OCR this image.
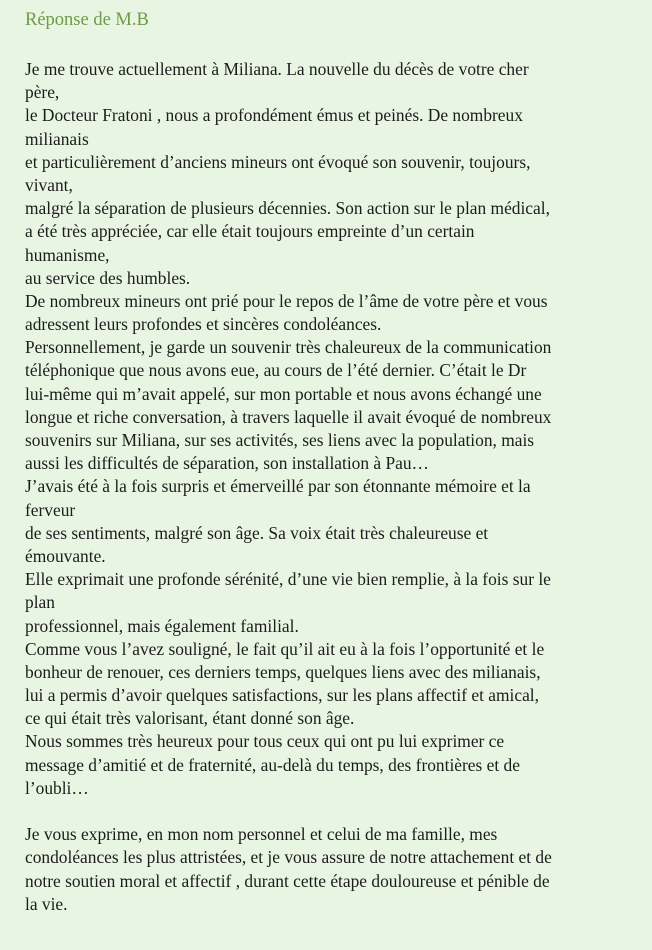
Réponse de M.B
Je me trouve actuellement à Miliana. La nouvelle du décès de votre cher
père,
le Docteur Fratoni , nous a profondément émus et peinés. De nombreux
milianais
et particulièrement d’anciens mineurs ont évoqué son souvenir, toujours,
vivant,
malgré la séparation de plusieurs décennies. Son action sur le plan médical,
a été très appréciée, car elle était toujours empreinte d’un certain
humanisme,
au service des humbles.
De nombreux mineurs ont prié pour le repos de l’âme de votre père et vous
adressent leurs profondes et sincères condoléances.
Personnellement, je garde un souvenir très chaleureux de la communication
téléphonique que nous avons eue, au cours de l’été dernier. C’était le Dr
lui-même qui m’avait appelé, sur mon portable et nous avons échangé une
longue et riche conversation, à travers laquelle il avait évoqué de nombreux
souvenirs sur Miliana, sur ses activités, ses liens avec la population, mais
aussi les difficultés de séparation, son installation à Pau…
J’avais été à la fois surpris et émerveillé par son étonnante mémoire et la
ferveur
de ses sentiments, malgré son âge. Sa voix était très chaleureuse et
émouvante.
Elle exprimait une profonde sérénité, d’une vie bien remplie, à la fois sur le
plan
professionnel, mais également familial.
Comme vous l’avez souligné, le fait qu’il ait eu à la fois l’opportunité et le
bonheur de renouer, ces derniers temps, quelques liens avec des milianais,
lui a permis d’avoir quelques satisfactions, sur les plans affectif et amical,
ce qui était très valorisant, étant donné son âge.
Nous sommes très heureux pour tous ceux qui ont pu lui exprimer ce
message d’amitié et de fraternité, au-delà du temps, des frontières et de
l’oubli…
Je vous exprime, en mon nom personnel et celui de ma famille, mes
condoléances les plus attristées, et je vous assure de notre attachement et de
notre soutien moral et affectif , durant cette étape douloureuse et pénible de
la vie.
